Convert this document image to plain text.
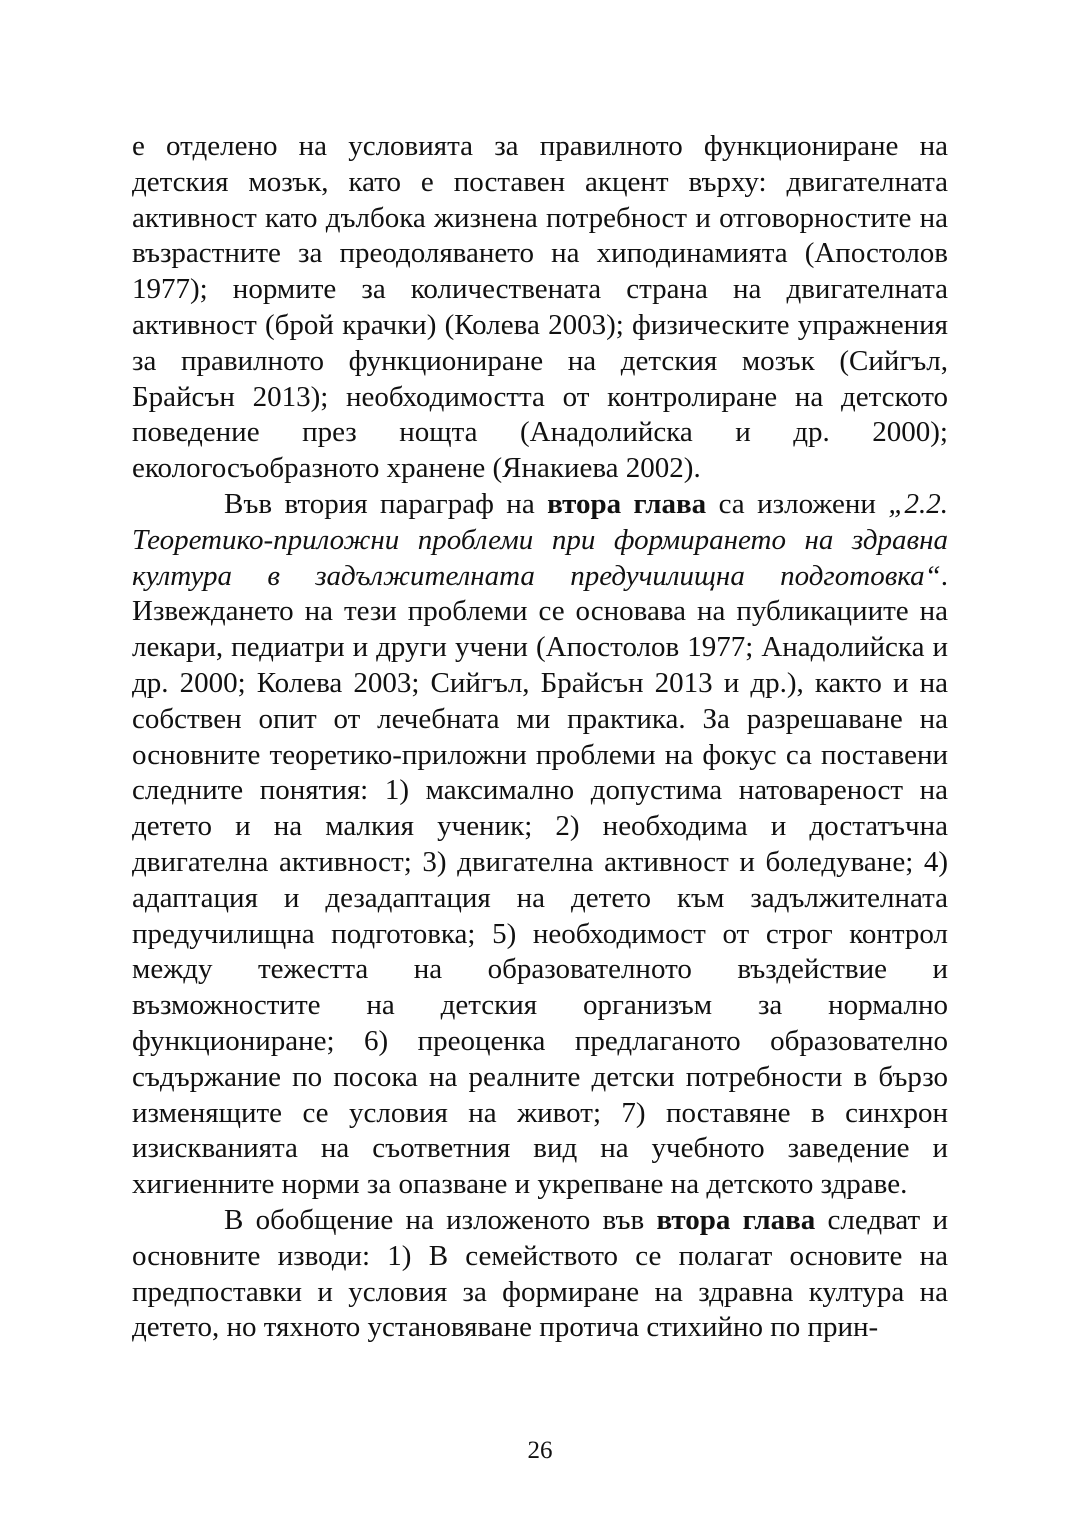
е отделено на условията за правилното функциониране на детския мозък, като е поставен акцент върху: двигателната активност като дълбока жизнена потребност и отговорностите на възрастните за преодоляването на хиподинамията (Апостолов 1977); нормите за количествената страна на двигателната активност (брой крачки) (Колева 2003); физическите упражнения за правилното функциониране на детския мозък (Сийгъл, Брайсън 2013); необходимостта от контролиране на детското поведение през нощта (Анадолийска и др. 2000); екологосъобразното хранене (Янакиева 2002).

Във втория параграф на втора глава са изложени „2.2. Теоретико-приложни проблеми при формирането на здравна култура в задължителната предучилищна подготовка“. Извеждането на тези проблеми се основава на публикациите на лекари, педиатри и други учени (Апостолов 1977; Анадолийска и др. 2000; Колева 2003; Сийгъл, Брайсън 2013 и др.), както и на собствен опит от лечебната ми практика. За разрешаване на основните теоретико-приложни проблеми на фокус са поставени следните понятия: 1) максимално допустима натовареност на детето и на малкия ученик; 2) необходима и достатъчна двигателна активност; 3) двигателна активност и боледуване; 4) адаптация и дезадаптация на детето към задължителната предучилищна подготовка; 5) необходимост от строг контрол между тежестта на образователното въздействие и възможностите на детския организъм за нормално функциониране; 6) преоценка предлаганото образователно съдържание по посока на реалните детски потребности в бързо изменящите се условия на живот; 7) поставяне в синхрон изискванията на съответния вид на учебното заведение и хигиенните норми за опазване и укрепване на детското здраве.

В обобщение на изложеното във втора глава следват и основните изводи: 1) В семейството се полагат основите на предпоставки и условия за формиране на здравна култура на детето, но тяхното установяване протича стихийно по прин-

26
